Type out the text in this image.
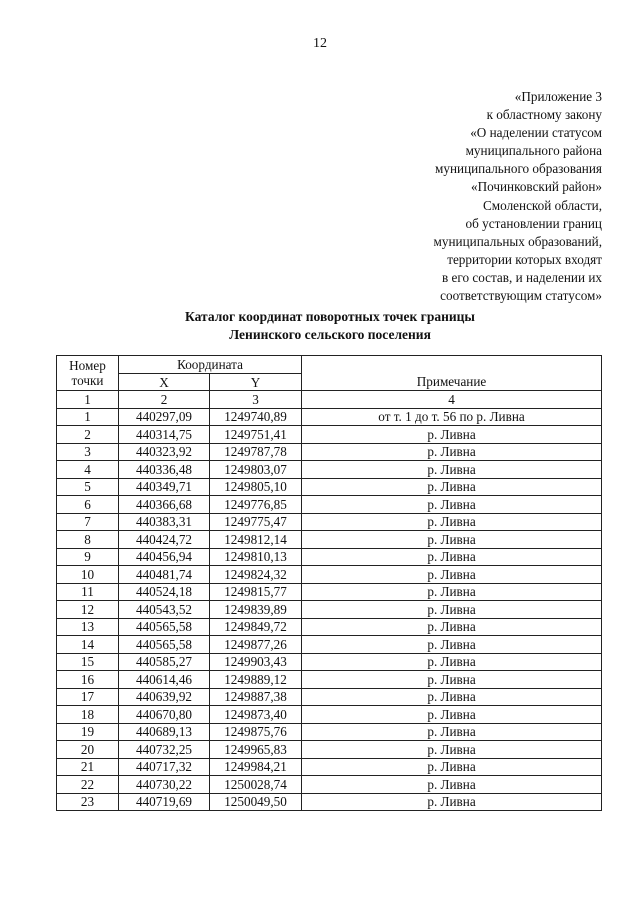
12
«Приложение 3
к областному закону
«О наделении статусом
муниципального района
муниципального образования
«Починковский район»
Смоленской области,
об установлении границ
муниципальных образований,
территории которых входят
в его состав, и наделении их
соответствующим статусом»
Каталог координат поворотных точек границы
Ленинского сельского поселения
Номер
точки	Координата		Примечание
	X	Y	
1	2	3	4
1	440297,09	1249740,89	от т. 1 до т. 56 по р. Ливна
2	440314,75	1249751,41	р. Ливна
3	440323,92	1249787,78	р. Ливна
4	440336,48	1249803,07	р. Ливна
5	440349,71	1249805,10	р. Ливна
6	440366,68	1249776,85	р. Ливна
7	440383,31	1249775,47	р. Ливна
8	440424,72	1249812,14	р. Ливна
9	440456,94	1249810,13	р. Ливна
10	440481,74	1249824,32	р. Ливна
11	440524,18	1249815,77	р. Ливна
12	440543,52	1249839,89	р. Ливна
13	440565,58	1249849,72	р. Ливна
14	440565,58	1249877,26	р. Ливна
15	440585,27	1249903,43	р. Ливна
16	440614,46	1249889,12	р. Ливна
17	440639,92	1249887,38	р. Ливна
18	440670,80	1249873,40	р. Ливна
19	440689,13	1249875,76	р. Ливна
20	440732,25	1249965,83	р. Ливна
21	440717,32	1249984,21	р. Ливна
22	440730,22	1250028,74	р. Ливна
23	440719,69	1250049,50	р. Ливна
